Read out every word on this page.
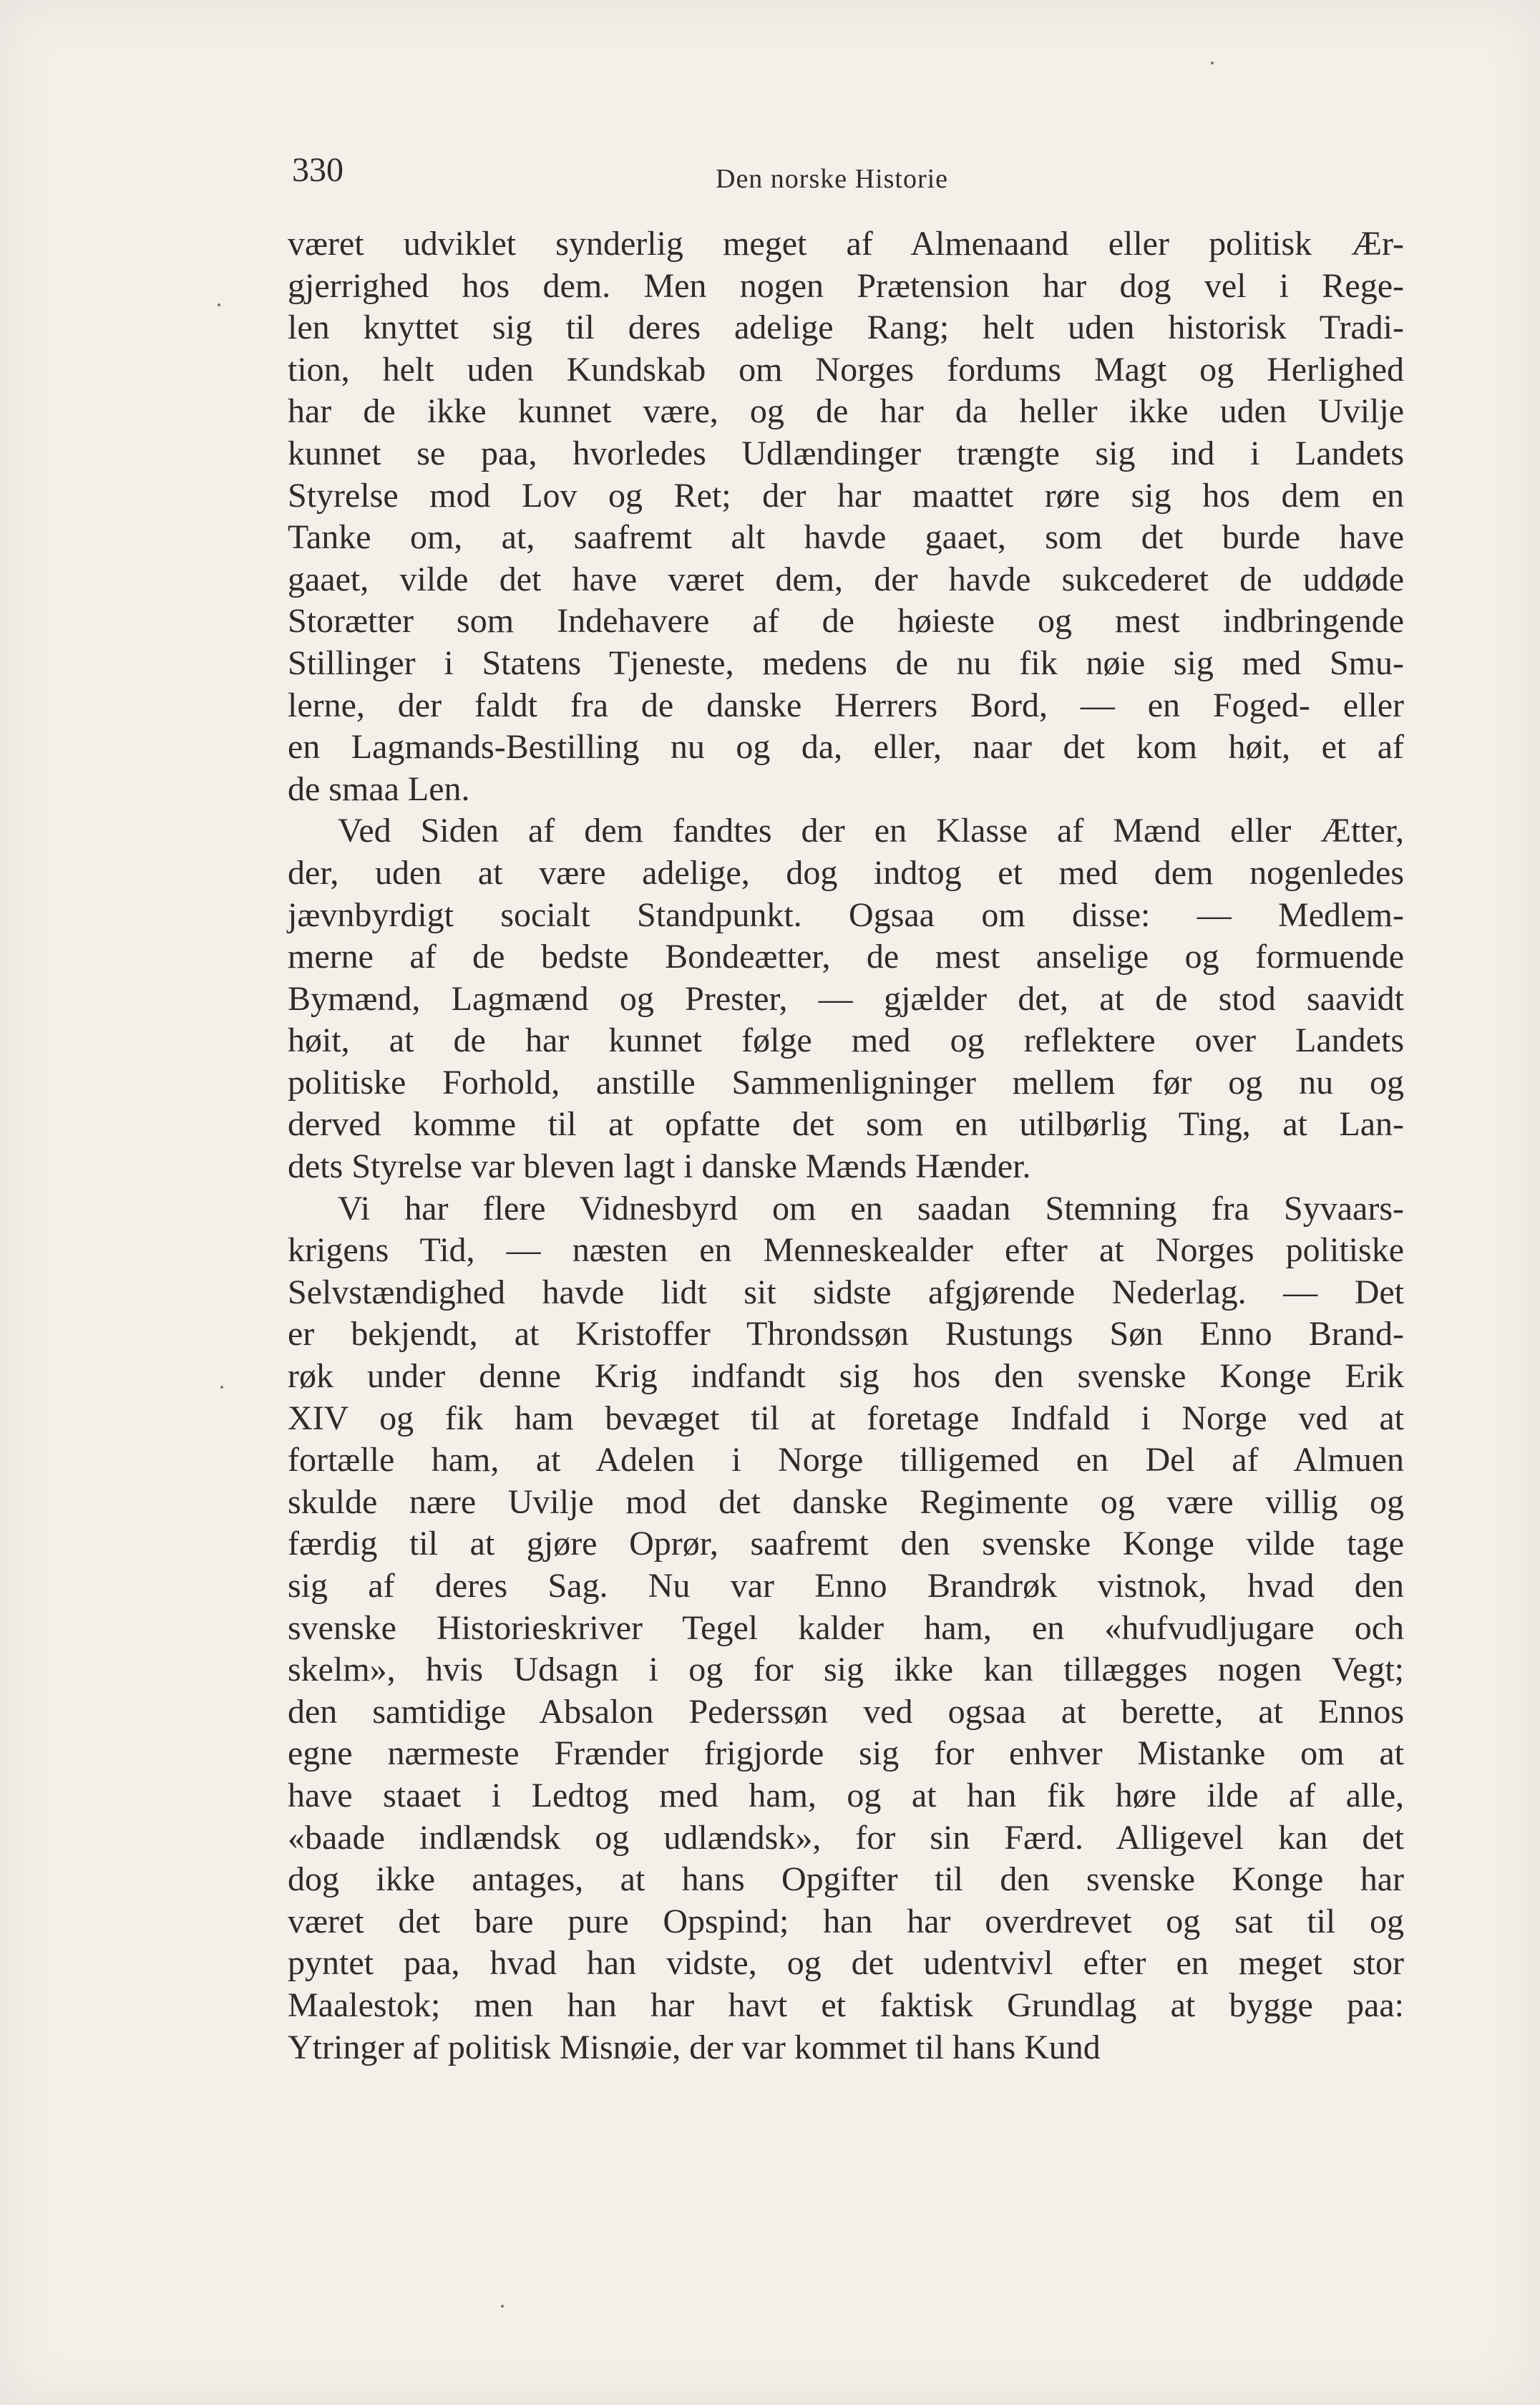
330	Den norske Historie
været udviklet synderlig meget af Almenaand eller politisk Ær-
gjerrighed hos dem. Men nogen Prætension har dog vel i Rege-
len knyttet sig til deres adelige Rang; helt uden historisk Tradi-
tion, helt uden Kundskab om Norges fordums Magt og Herlighed
har de ikke kunnet være, og de har da heller ikke uden Uvilje
kunnet se paa, hvorledes Udlændinger trængte sig ind i Landets
Styrelse mod Lov og Ret; der har maattet røre sig hos dem en
Tanke om, at, saafremt alt havde gaaet, som det burde have
gaaet, vilde det have været dem, der havde sukcederet de uddøde
Storætter som Indehavere af de høieste og mest indbringende
Stillinger i Statens Tjeneste, medens de nu fik nøie sig med Smu-
lerne, der faldt fra de danske Herrers Bord, — en Foged- eller
en Lagmands-Bestilling nu og da, eller, naar det kom høit, et af
de smaa Len.
Ved Siden af dem fandtes der en Klasse af Mænd eller Ætter,
der, uden at være adelige, dog indtog et med dem nogenledes
jævnbyrdigt socialt Standpunkt. Ogsaa om disse: — Medlem-
merne af de bedste Bondeætter, de mest anselige og formuende
Bymænd, Lagmænd og Prester, — gjælder det, at de stod saavidt
høit, at de har kunnet følge med og reflektere over Landets
politiske Forhold, anstille Sammenligninger mellem før og nu og
derved komme til at opfatte det som en utilbørlig Ting, at Lan-
dets Styrelse var bleven lagt i danske Mænds Hænder.
Vi har flere Vidnesbyrd om en saadan Stemning fra Syvaars-
krigens Tid, — næsten en Menneskealder efter at Norges politiske
Selvstændighed havde lidt sit sidste afgjørende Nederlag. — Det
er bekjendt, at Kristoffer Throndssøn Rustungs Søn Enno Brand-
røk under denne Krig indfandt sig hos den svenske Konge Erik
XIV og fik ham bevæget til at foretage Indfald i Norge ved at
fortælle ham, at Adelen i Norge tilligemed en Del af Almuen
skulde nære Uvilje mod det danske Regimente og være villig og
færdig til at gjøre Oprør, saafremt den svenske Konge vilde tage
sig af deres Sag. Nu var Enno Brandrøk vistnok, hvad den
svenske Historieskriver Tegel kalder ham, en «hufvudljugare och
skelm», hvis Udsagn i og for sig ikke kan tillægges nogen Vegt;
den samtidige Absalon Pederssøn ved ogsaa at berette, at Ennos
egne nærmeste Frænder frigjorde sig for enhver Mistanke om at
have staaet i Ledtog med ham, og at han fik høre ilde af alle,
«baade indlændsk og udlændsk», for sin Færd. Alligevel kan det
dog ikke antages, at hans Opgifter til den svenske Konge har
været det bare pure Opspind; han har overdrevet og sat til og
pyntet paa, hvad han vidste, og det udentvivl efter en meget stor
Maalestok; men han har havt et faktisk Grundlag at bygge paa:
Ytringer af politisk Misnøie, der var kommet til hans Kund
